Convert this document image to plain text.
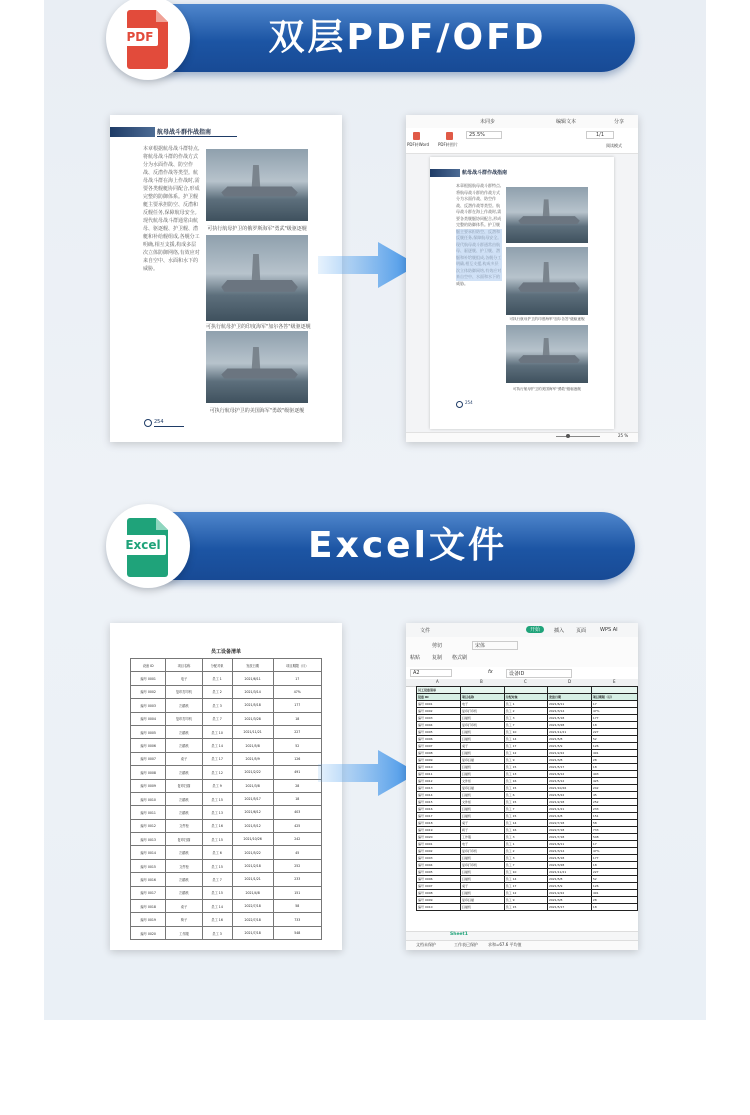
双层PDF/OFD
PDF
航母战斗群作战指南
本章根据航母战斗群特点,将航母战斗群的作战方式分为水面作战、防空作战、反潜作战等类型。航母战斗群在海上作战时,需要各类舰艇协同配合,形成完整的防御体系。护卫舰艇主要承担防空、反潜和反舰任务,保障航母安全。现代航母战斗群通常由航母、驱逐舰、护卫舰、潜艇和补给舰组成,各舰分工明确,相互支援,构成多层次立体防御网络,有效应对来自空中、水面和水下的威胁。
可执行航母护卫的俄罗斯海军"勇武"级驱逐舰
可执行航母护卫的印度海军"加尔各答"级驱逐舰
可执行航母护卫的美国海军"勇敢"级驱逐舰
254
未同步	编辑文本	分享
PDF转Word PDF转图片
25.5%	1/1
阅读模式
航母战斗群作战指南
本章根据航母战斗群特点,将航母战斗群的作战方式分为水面作战、防空作战、反潜作战等类型。航母战斗群在海上作战时,需要各类舰艇协同配合,形成完整的防御体系。护卫舰 威胁。
可执行航母护卫的印度海军"加尔各答"级驱逐舰
可执行航母护卫的美国海军"勇敢"级驱逐舰
254
25 %
Excel文件
Excel
员工设备清单
设备 ID	项目名称	分配对象	发放日期	项目期限（月）
编号 0001	电子	员工 1	2021/6/11	17
编号 0002	复印打印机	员工 2	2021/3/14	47%
编号 0003	扫描机	员工 3	2021/5/18	177
编号 0004	复印打印机	员工 7	2021/3/28	18
编号 0005	扫描机	员工 10	2021/11/21	227
编号 0006	扫描机	员工 14	2021/5/8	52
编号 0007	桌子	员工 17	2021/5/9	126
编号 0008	扫描机	员工 12	2021/2/22	491
编号 0009	复印扫描	员工 9	2021/3/8	28
编号 0010	扫描机	员工 15	2021/5/17	18
编号 0011	扫描机	员工 13	2021/6/12	403
编号 0012	文件柜	员工 16	2021/5/12	425
编号 0013	复印扫描	员工 15	2021/10/26	242
编号 0014	扫描机	员工 6	2021/5/22	45
编号 0015	文件柜	员工 15	2021/2/18	252
编号 0016	扫描机	员工 7	2021/1/21	233
编号 0017	扫描机	员工 15	2021/4/8	151
编号 0018	桌子	员工 14	2022/7/18	58
编号 0019	椅子	员工 16	2022/7/18	733
编号 0020	工作服	员工 3	2021/7/18	548
文件	开始	插入 页面	WPS AI
粘贴
剪切
复制 格式刷
宋体
A2	fx	设备ID
员工设备清单				
设备 ID	项目名称	分配对象	发放日期	项目期限（月）
编号 0001	电子	员工 1	2021/6/11	17
编号 0002	复印打印机	员工 2	2021/3/14	47%
编号 0003	扫描机	员工 3	2021/5/18	177
编号 0004	复印打印机	员工 7	2021/3/28	18
编号 0005	扫描机	员工 10	2021/11/21	227
编号 0006	扫描机	员工 14	2021/5/8	52
编号 0007	桌子	员工 17	2021/5/9	126
编号 0008	扫描机	员工 12	2021/2/22	491
编号 0009	复印扫描	员工 9	2021/3/8	28
编号 0010	扫描机	员工 15	2021/5/17	18
编号 0011	扫描机	员工 13	2021/6/12	403
编号 0012	文件柜	员工 16	2021/5/12	425
编号 0013	复印扫描	员工 15	2021/10/26	242
编号 0014	扫描机	员工 6	2021/5/22	45
编号 0015	文件柜	员工 15	2021/2/18	252
编号 0016	扫描机	员工 7	2021/1/21	233
编号 0017	扫描机	员工 15	2021/4/8	151
编号 0018	桌子	员工 14	2022/7/18	58
编号 0019	椅子	员工 16	2022/7/18	733
编号 0020	工作服	员工 3	2021/7/18	548
编号 0001	电子	员工 1	2021/6/11	17
编号 0002	复印打印机	员工 2	2021/3/14	47%
编号 0003	扫描机	员工 3	2021/5/18	177
编号 0004	复印打印机	员工 7	2021/3/28	18
编号 0005	扫描机	员工 10	2021/11/21	227
编号 0006	扫描机	员工 14	2021/5/8	52
编号 0007	桌子	员工 17	2021/5/9	126
编号 0008	扫描机	员工 12	2021/2/22	491
编号 0009	复印扫描	员工 9	2021/3/8	28
编号 0010	扫描机	员工 15	2021/5/17	18
Sheet1
文档未保护	工作表已保护	求和=67.6 平均值
A	B	C	D	E
